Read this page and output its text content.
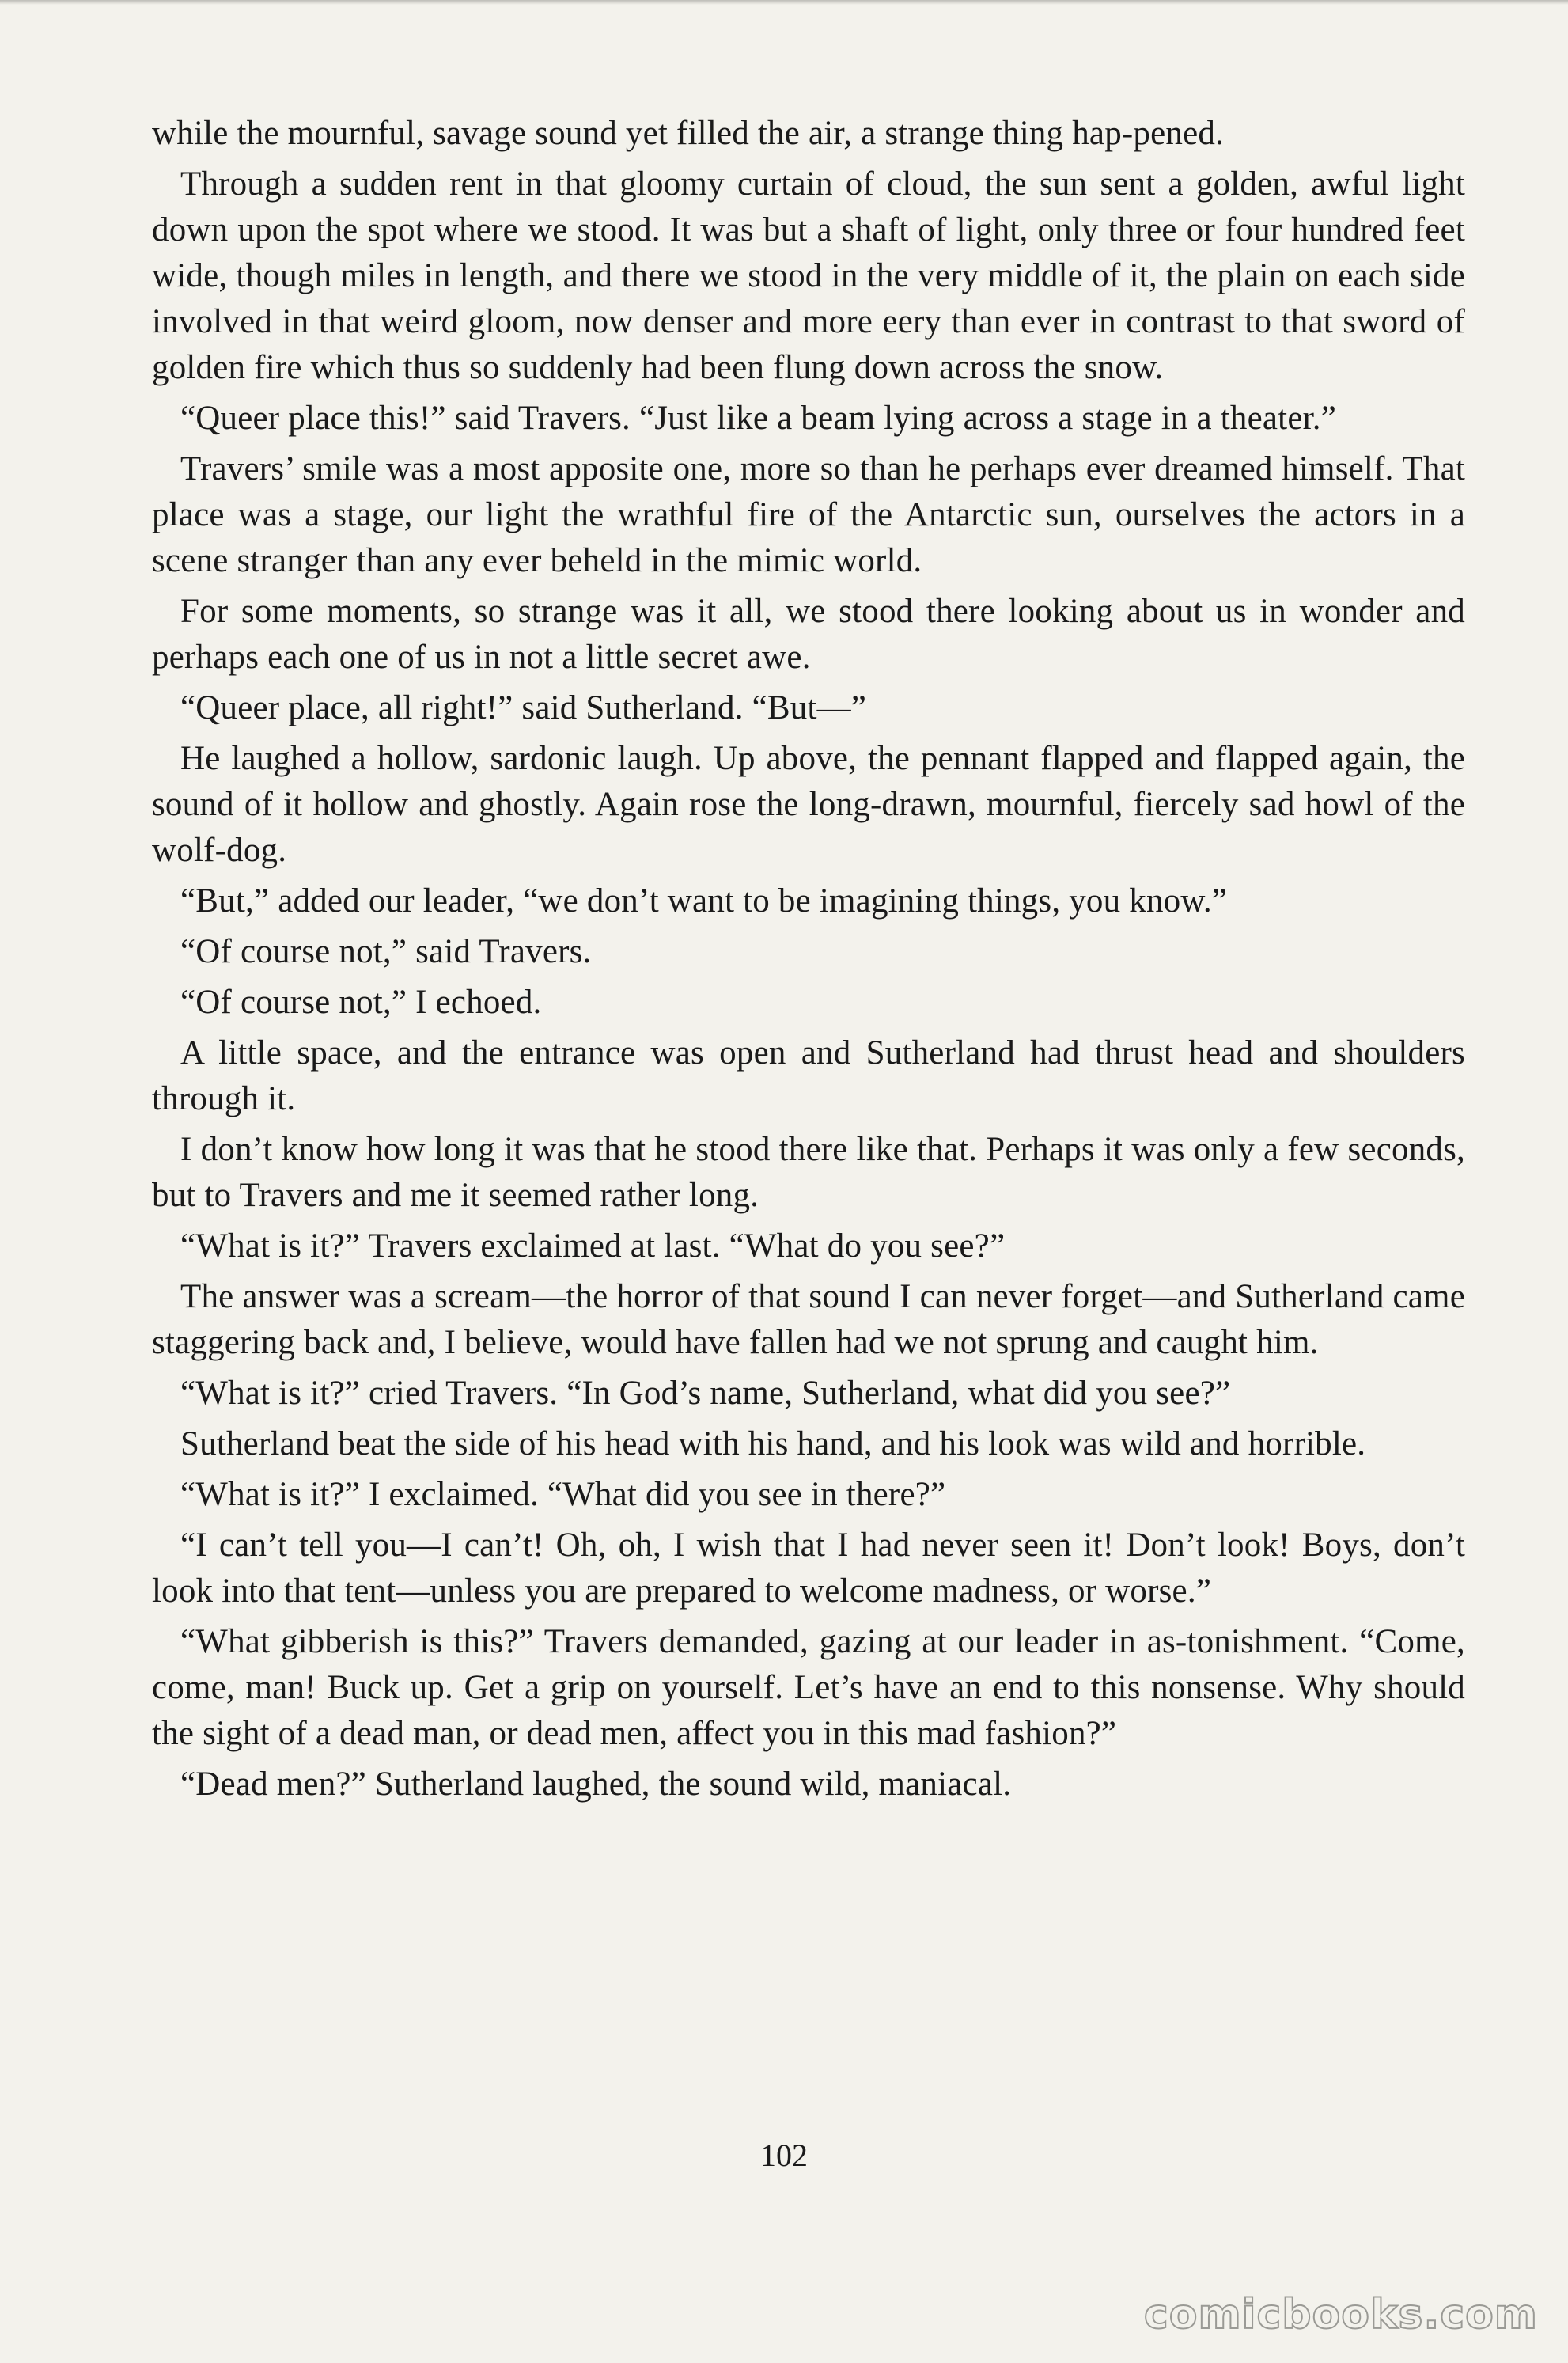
while the mournful, savage sound yet filled the air, a strange thing hap-pened.

Through a sudden rent in that gloomy curtain of cloud, the sun sent a golden, awful light down upon the spot where we stood. It was but a shaft of light, only three or four hundred feet wide, though miles in length, and there we stood in the very middle of it, the plain on each side involved in that weird gloom, now denser and more eery than ever in contrast to that sword of golden fire which thus so suddenly had been flung down across the snow.

“Queer place this!” said Travers. “Just like a beam lying across a stage in a theater.”

Travers’ smile was a most apposite one, more so than he perhaps ever dreamed himself. That place was a stage, our light the wrathful fire of the Antarctic sun, ourselves the actors in a scene stranger than any ever beheld in the mimic world.

For some moments, so strange was it all, we stood there looking about us in wonder and perhaps each one of us in not a little secret awe.

“Queer place, all right!” said Sutherland. “But—”

He laughed a hollow, sardonic laugh. Up above, the pennant flapped and flapped again, the sound of it hollow and ghostly. Again rose the long-drawn, mournful, fiercely sad howl of the wolf-dog.

“But,” added our leader, “we don’t want to be imagining things, you know.”

“Of course not,” said Travers.

“Of course not,” I echoed.

A little space, and the entrance was open and Sutherland had thrust head and shoulders through it.

I don’t know how long it was that he stood there like that. Perhaps it was only a few seconds, but to Travers and me it seemed rather long.

“What is it?” Travers exclaimed at last. “What do you see?”

The answer was a scream—the horror of that sound I can never forget—and Sutherland came staggering back and, I believe, would have fallen had we not sprung and caught him.

“What is it?” cried Travers. “In God’s name, Sutherland, what did you see?”

Sutherland beat the side of his head with his hand, and his look was wild and horrible.

“What is it?” I exclaimed. “What did you see in there?”

“I can’t tell you—I can’t! Oh, oh, I wish that I had never seen it! Don’t look! Boys, don’t look into that tent—unless you are prepared to welcome madness, or worse.”

“What gibberish is this?” Travers demanded, gazing at our leader in as-tonishment. “Come, come, man! Buck up. Get a grip on yourself. Let’s have an end to this nonsense. Why should the sight of a dead man, or dead men, affect you in this mad fashion?”

“Dead men?” Sutherland laughed, the sound wild, maniacal.

102
comicbooks.com
